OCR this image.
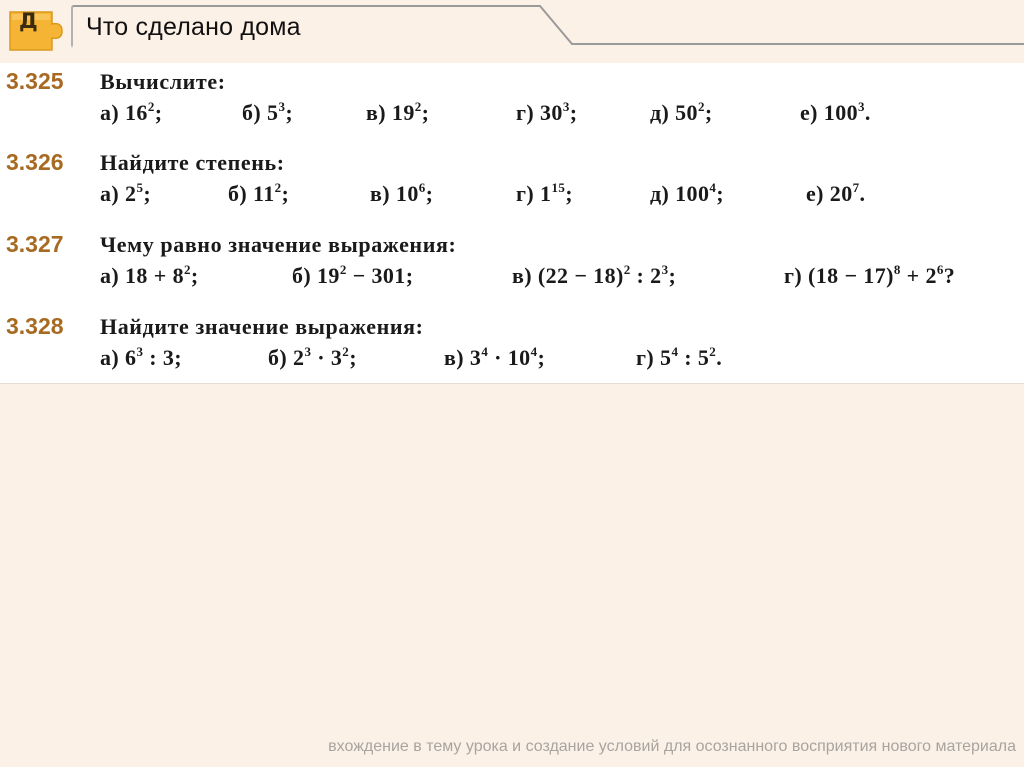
Д Что сделано дома
3.325 Вычислите:
а) $16^2$;	б) $5^3$;	в) $19^2$;	г) $30^3$;	д) $50^2$;	е) $100^3$.
3.326 Найдите степень:
а) $2^5$;	б) $11^2$;	в) $10^6$;	г) $1^{15}$;	д) $100^4$;	е) $20^7$.
3.327 Чему равно значение выражения:
а) $18 + 8^2$;	б) $19^2 - 301$;	в) $(22 - 18)^2$ : $2^3$;	г) $(18 - 17)^8 + 2^6$?
3.328 Найдите значение выражения:
а) $6^3$ : 3;	б) $2^3 \cdot 3^2$;	в) $3^4 \cdot 10^4$;	г) $5^4$ : $5^2$.
вхождение в тему урока и создание условий для осознанного восприятия нового материала
